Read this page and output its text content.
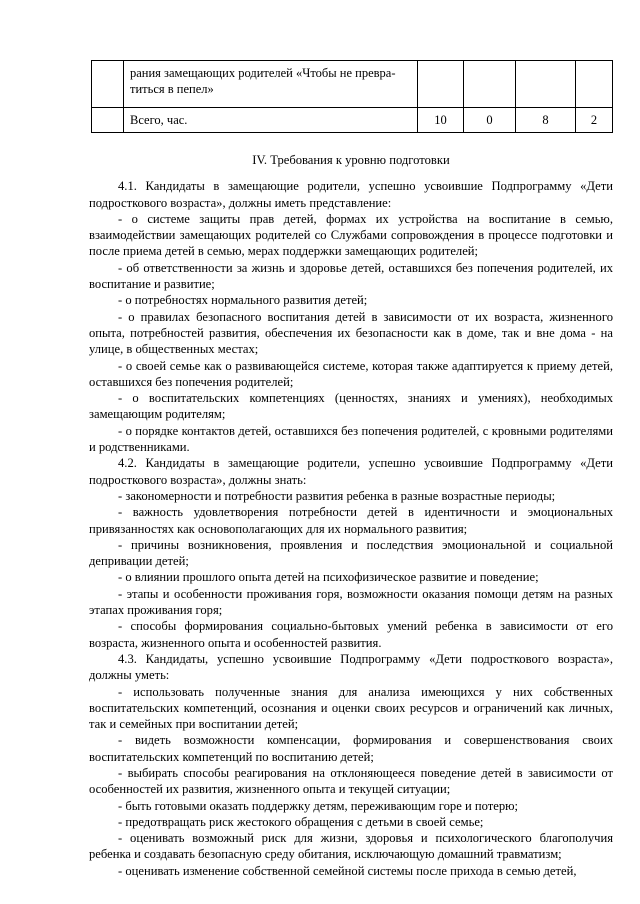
	рания замещающих родителей «Чтобы не превра-титься в пепел»				
	Всего, час.	10	0	8	2
IV. Требования к уровню подготовки

4.1. Кандидаты в замещающие родители, успешно усвоившие Подпрограмму «Дети подросткового возраста», должны иметь представление:

- о системе защиты прав детей, формах их устройства на воспитание в семью, взаимодействии замещающих родителей со Службами сопровождения в процессе подготовки и после приема детей в семью, мерах поддержки замещающих родителей;

- об ответственности за жизнь и здоровье детей, оставшихся без попечения родителей, их воспитание и развитие;

- о потребностях нормального развития детей;

- о правилах безопасного воспитания детей в зависимости от их возраста, жизненного опыта, потребностей развития, обеспечения их безопасности как в доме, так и вне дома - на улице, в общественных местах;

- о своей семье как о развивающейся системе, которая также адаптируется к приему детей, оставшихся без попечения родителей;

- о воспитательских компетенциях (ценностях, знаниях и умениях), необходимых замещающим родителям;

- о порядке контактов детей, оставшихся без попечения родителей, с кровными родителями и родственниками.

4.2. Кандидаты в замещающие родители, успешно усвоившие Подпрограмму «Дети подросткового возраста», должны знать:

- закономерности и потребности развития ребенка в разные возрастные периоды;

- важность удовлетворения потребности детей в идентичности и эмоциональных привязанностях как основополагающих для их нормального развития;

- причины возникновения, проявления и последствия эмоциональной и социальной депривации детей;

- о влиянии прошлого опыта детей на психофизическое развитие и поведение;

- этапы и особенности проживания горя, возможности оказания помощи детям на разных этапах проживания горя;

- способы формирования социально-бытовых умений ребенка в зависимости от его возраста, жизненного опыта и особенностей развития.

4.3. Кандидаты, успешно усвоившие Подпрограмму «Дети подросткового возраста», должны уметь:

- использовать полученные знания для анализа имеющихся у них собственных воспитательских компетенций, осознания и оценки своих ресурсов и ограничений как личных, так и семейных при воспитании детей;

- видеть возможности компенсации, формирования и совершенствования своих воспитательских компетенций по воспитанию детей;

- выбирать способы реагирования на отклоняющееся поведение детей в зависимости от особенностей их развития, жизненного опыта и текущей ситуации;

- быть готовыми оказать поддержку детям, переживающим горе и потерю;

- предотвращать риск жестокого обращения с детьми в своей семье;

- оценивать возможный риск для жизни, здоровья и психологического благополучия ребенка и создавать безопасную среду обитания, исключающую домашний травматизм;

- оценивать изменение собственной семейной системы после прихода в семью детей,
